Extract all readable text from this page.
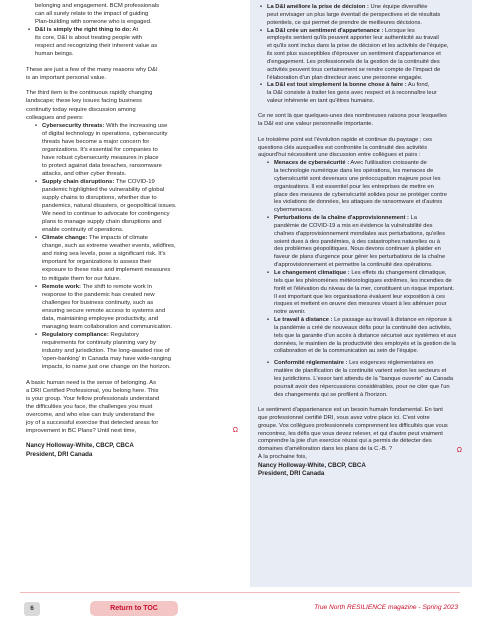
belonging and engagement. BCM professionals
can all surely relate to the impact of guiding
Plan-building with someone who is engaged.
• D&I is simply the right thing to do: At
its core, D&I is about treating people with
respect and recognizing their inherent value as
human beings.
These are just a few of the many reasons why D&I
is an important personal value.
The third item is the continuous rapidly changing
landscape; these key issues facing business
continuity today require discussion among
colleagues and peers:
• Cybersecurity threats: With the increasing use
of digital technology in operations, cybersecurity
threats have become a major concern for
organizations. It's essential for companies to
have robust cybersecurity measures in place
to protect against data breaches, ransomware
attacks, and other cyber threats.
• Supply chain disruptions: The COVID-19
pandemic highlighted the vulnerability of global
supply chains to disruptions, whether due to
pandemics, natural disasters, or geopolitical issues.
We need to continue to advocate for contingency
plans to manage supply chain disruptions and
enable continuity of operations.
• Climate change: The impacts of climate
change, such as extreme weather events, wildfires,
and rising sea levels, pose a significant risk. It's
important for organizations to assess their
exposure to these risks and implement measures
to mitigate them for our future.
• Remote work: The shift to remote work in
response to the pandemic has created new
challenges for business continuity, such as
ensuring secure remote access to systems and
data, maintaining employee productivity, and
managing team collaboration and communication.
• Regulatory compliance: Regulatory
requirements for continuity planning vary by
industry and jurisdiction. The long-awaited rise of
'open-banking' in Canada may have wide-ranging
impacts, to name just one change on the horizon.
A basic human need is the sense of belonging. As
a DRI Certified Professional, you belong here. This
is your group. Your fellow professionals understand
the difficulties you face, the challenges you must
overcome, and who else can truly understand the
joy of a successful exercise that detected areas for
improvement in BC Plans? Until next time,	Ω
Nancy Holloway-White, CBCP, CBCA
President, DRI Canada
• La D&I améliore la prise de décision : Une équipe diversifiée
peut envisager un plus large éventail de perspectives et de résultats
potentiels, ce qui permet de prendre de meilleures décisions.
• La D&I crée un sentiment d'appartenance : Lorsque les
employés sentent qu'ils peuvent apporter leur authenticité au travail
et qu'ils sont inclus dans la prise de décision et les activités de l'équipe,
ils sont plus susceptibles d'éprouver un sentiment d'appartenance et
d'engagement. Les professionnels de la gestion de la continuité des
activités peuvent tous certainement se rendre compte de l'impact de
l'élaboration d'un plan directeur avec une personne engagée.
• La D&I est tout simplement la bonne chose à faire : Au fond,
la D&I consiste à traiter les gens avec respect et à reconnaître leur
valeur inhérente en tant qu'êtres humains.
Ce ne sont là que quelques-unes des nombreuses raisons pour lesquelles
la D&I est une valeur personnelle importante.
Le troisième point est l'évolution rapide et continue du paysage ; ces
questions clés auxquelles est confrontée la continuité des activités
aujourd'hui nécessitent une discussion entre collègues et pairs :
• Menaces de cybersécurité : Avec l'utilisation croissante de
la technologie numérique dans les opérations, les menaces de
cybersécurité sont devenues une préoccupation majeure pour les
organisations. Il est essentiel pour les entreprises de mettre en
place des mesures de cybersécurité solides pour se protéger contre
les violations de données, les attaques de ransomware et d'autres
cybermenaces.
• Perturbations de la chaîne d'approvisionnement : La
pandémie de COVID-19 a mis en évidence la vulnérabilité des
chaînes d'approvisionnement mondiales aux perturbations, qu'elles
soient dues à des pandémies, à des catastrophes naturelles ou à
des problèmes géopolitiques. Nous devons continuer à plaider en
faveur de plans d'urgence pour gérer les perturbations de la chaîne
d'approvisionnement et permettre la continuité des opérations.
• Le changement climatique : Les effets du changement climatique,
tels que les phénomènes météorologiques extrêmes, les incendies de
forêt et l'élévation du niveau de la mer, constituent un risque important.
Il est important que les organisations évaluent leur exposition à ces
risques et mettent en œuvre des mesures visant à les atténuer pour
notre avenir.
• Le travail à distance : Le passage au travail à distance en réponse à
la pandémie a créé de nouveaux défis pour la continuité des activités,
tels que la garantie d'un accès à distance sécurisé aux systèmes et aux
données, le maintien de la productivité des employés et la gestion de la
collaboration et de la communication au sein de l'équipe.
• Conformité réglementaire : Les exigences réglementaires en
matière de planification de la continuité varient selon les secteurs et
les juridictions. L'essor tant attendu de la "banque ouverte" au Canada
pourrait avoir des répercussions considérables, pour ne citer que l'un
des changements qui se profilent à l'horizon.
Le sentiment d'appartenance est un besoin humain fondamental. En tant
que professionnel certifié DRI, vous avez votre place ici. C'est votre
groupe. Vos collègues professionnels comprennent les difficultés que vous
rencontrez, les défis que vous devez relever, et qui d'autre peut vraiment
comprendre la joie d'un exercice réussi qui a permis de détecter des
domaines d'amélioration dans les plans de la C.-B. ?	Ω
À la prochaine fois,
Nancy Holloway-White, CBCP, CBCA
President, DRI Canada
6	Return to TOC	True North RESILIENCE magazine - Spring 2023
